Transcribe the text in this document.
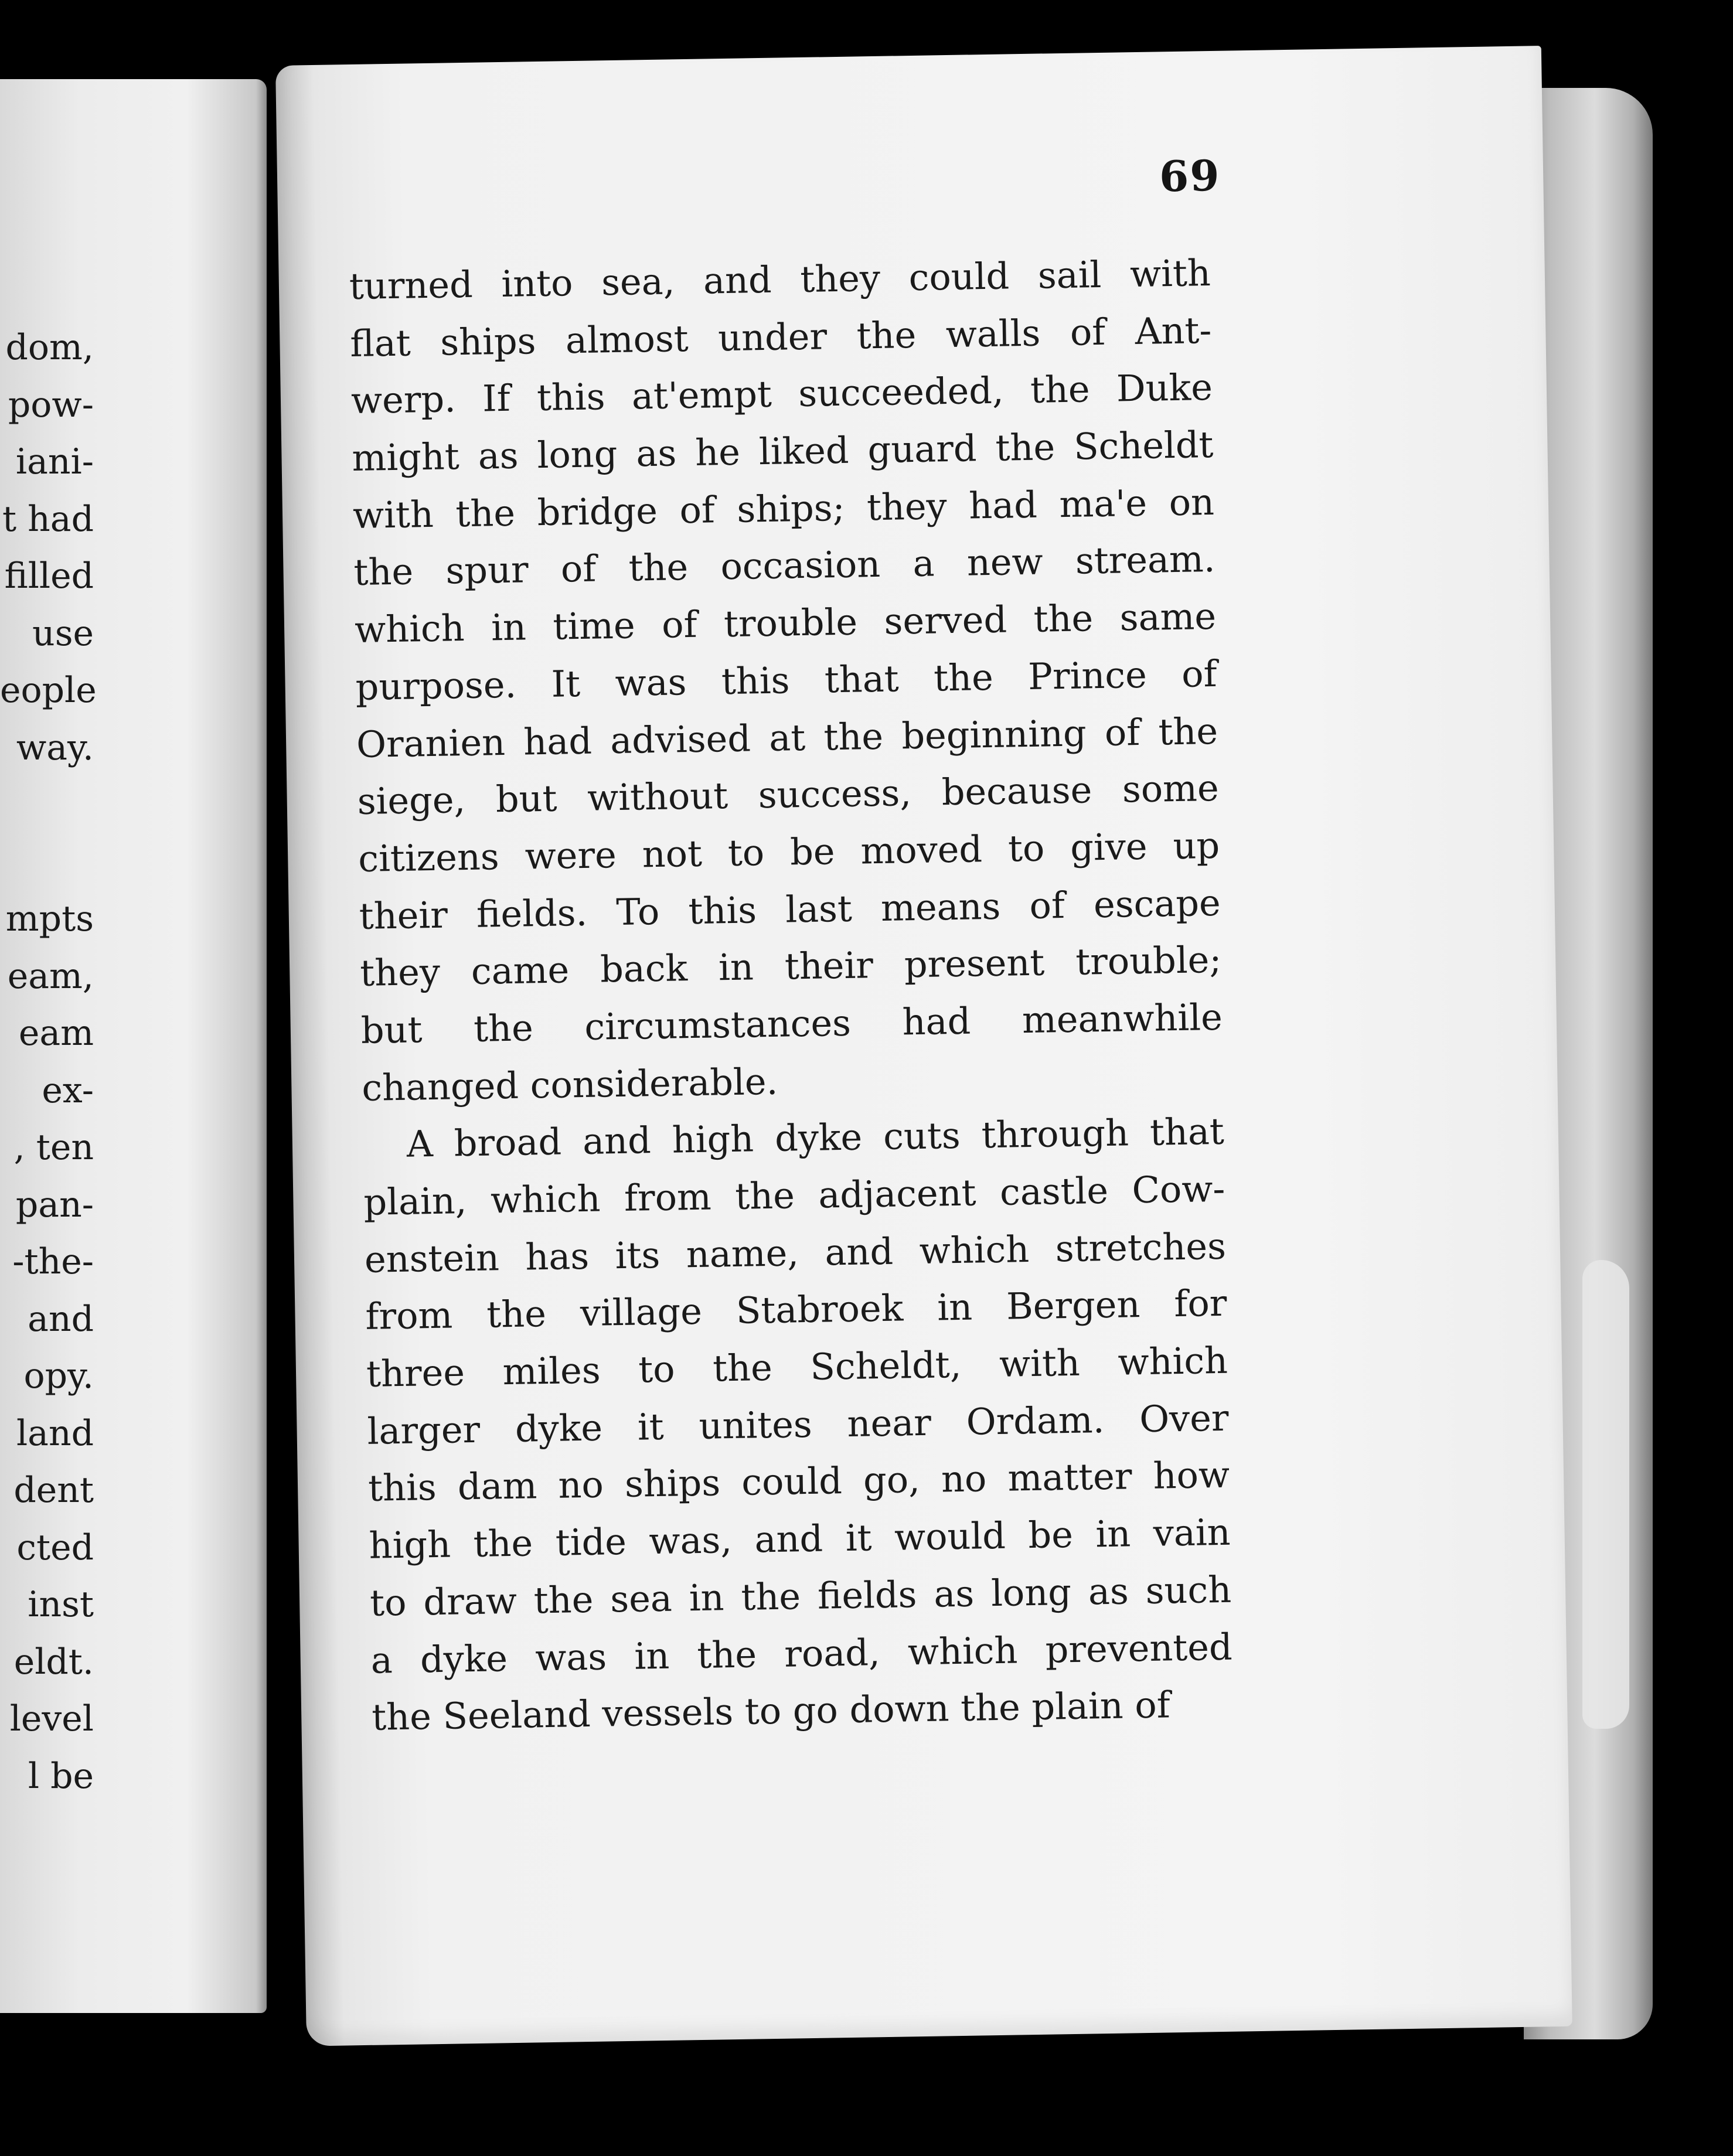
dom,
pow-
iani-
t had
filled
use
eople
way.
mpts
eam,
eam
ex-
, ten
pan-
-the-
and
opy.
land
dent
cted
inst
eldt.
level
l be
69
turned into sea, and they could sail with
flat ships almost under the walls of Ant-
werp. If this at'empt succeeded, the Duke
might as long as he liked guard the Scheldt
with the bridge of ships; they had ma'e on
the spur of the occasion a new stream.
which in time of trouble served the same
purpose. It was this that the Prince of
Oranien had advised at the beginning of the
siege, but without success, because some
citizens were not to be moved to give up
their fields. To this last means of escape
they came back in their present trouble;
but the circumstances had meanwhile
changed considerable.
A broad and high dyke cuts through that
plain, which from the adjacent castle Cow-
enstein has its name, and which stretches
from the village Stabroek in Bergen for
three miles to the Scheldt, with which
larger dyke it unites near Ordam. Over
this dam no ships could go, no matter how
high the tide was, and it would be in vain
to draw the sea in the fields as long as such
a dyke was in the road, which prevented
the Seeland vessels to go down the plain of
